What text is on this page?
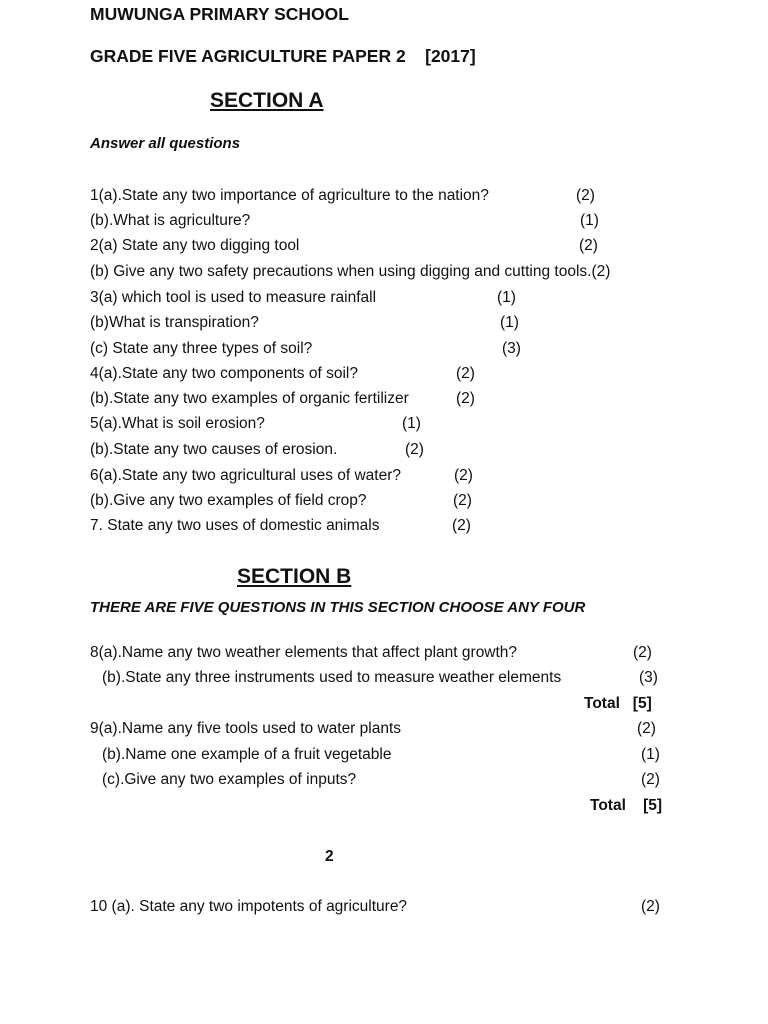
MUWUNGA PRIMARY SCHOOL
GRADE FIVE AGRICULTURE PAPER 2    [2017]
SECTION A
Answer all questions
1(a).State any two importance of agriculture to the nation?	(2)
(b).What is agriculture?	(1)
2(a) State any two digging tool	(2)
(b) Give any two safety precautions when using digging and cutting tools.(2)
3(a) which tool is used to measure rainfall	(1)
(b)What is transpiration?	(1)
(c) State any three types of soil?	(3)
4(a).State any two components of soil?	(2)
(b).State any two examples of organic fertilizer	(2)
5(a).What is soil erosion?	(1)
(b).State any two causes of erosion.	(2)
6(a).State any two agricultural uses of water?	(2)
(b).Give any two examples of field crop?	(2)
7. State any two uses of domestic animals	(2)
SECTION B
THERE ARE FIVE QUESTIONS IN THIS SECTION CHOOSE ANY FOUR
8(a).Name any two weather elements that affect plant growth?	(2)
(b).State any three instruments used to measure weather elements	(3)
Total   [5]
9(a).Name any five tools used to water plants	(2)
(b).Name one example of a fruit vegetable	(1)
(c).Give any two examples of inputs?	(2)
Total    [5]
2
10 (a). State any two impotents of agriculture?	(2)
